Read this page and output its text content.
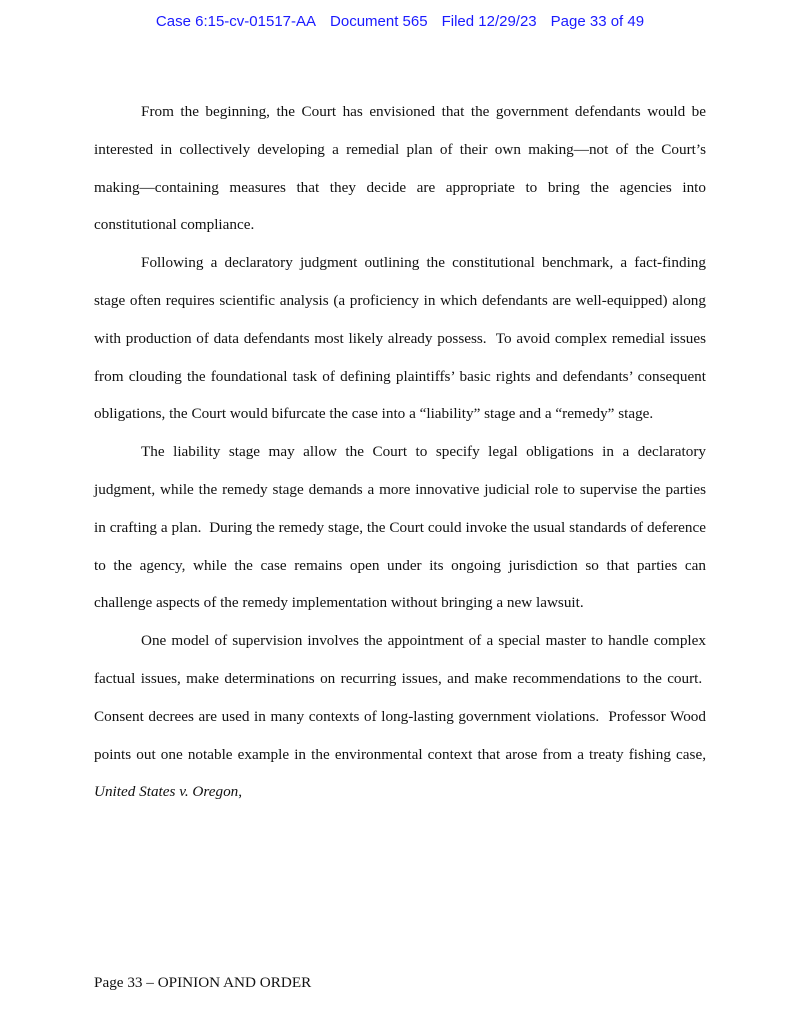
Case 6:15-cv-01517-AA Document 565 Filed 12/29/23 Page 33 of 49

From the beginning, the Court has envisioned that the government defendants would be interested in collectively developing a remedial plan of their own making—not of the Court’s making—containing measures that they decide are appropriate to bring the agencies into constitutional compliance.

Following a declaratory judgment outlining the constitutional benchmark, a fact-finding stage often requires scientific analysis (a proficiency in which defendants are well-equipped) along with production of data defendants most likely already possess.  To avoid complex remedial issues from clouding the foundational task of defining plaintiffs’ basic rights and defendants’ consequent obligations, the Court would bifurcate the case into a “liability” stage and a “remedy” stage.

The liability stage may allow the Court to specify legal obligations in a declaratory judgment, while the remedy stage demands a more innovative judicial role to supervise the parties in crafting a plan.  During the remedy stage, the Court could invoke the usual standards of deference to the agency, while the case remains open under its ongoing jurisdiction so that parties can challenge aspects of the remedy implementation without bringing a new lawsuit.

One model of supervision involves the appointment of a special master to handle complex factual issues, make determinations on recurring issues, and make recommendations to the court.  Consent decrees are used in many contexts of long-lasting government violations.  Professor Wood points out one notable example in the environmental context that arose from a treaty fishing case, United States v. Oregon,

Page 33 – OPINION AND ORDER
